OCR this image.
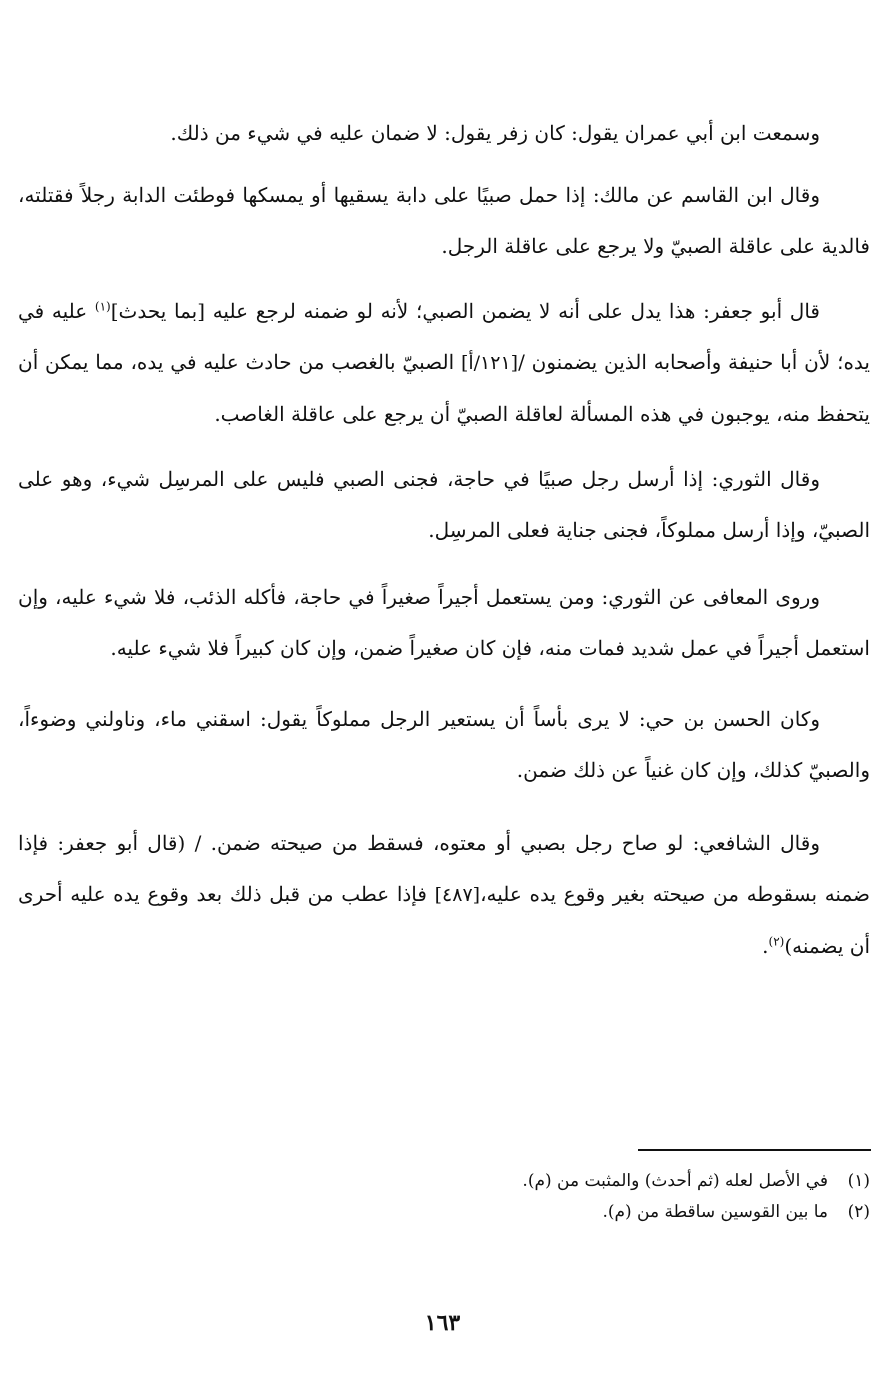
وسمعت ابن أبي عمران يقول: كان زفر يقول: لا ضمان عليه في شيء من ذلك.

وقال ابن القاسم عن مالك: إذا حمل صبيًا على دابة يسقيها أو يمسكها فوطئت الدابة رجلاً فقتلته، فالدية على عاقلة الصبيّ ولا يرجع على عاقلة الرجل.

قال أبو جعفر: هذا يدل على أنه لا يضمن الصبي؛ لأنه لو ضمنه لرجع عليه [بما يحدث]$^{(١)}$ عليه في يده؛ لأن أبا حنيفة وأصحابه الذين يضمنون /[١٢١/أ] الصبيّ بالغصب من حادث عليه في يده، مما يمكن أن يتحفظ منه، يوجبون في هذه المسألة لعاقلة الصبيّ أن يرجع على عاقلة الغاصب.

وقال الثوري: إذا أرسل رجل صبيًا في حاجة، فجنى الصبي فليس على المرسِل شيء، وهو على الصبيّ، وإذا أرسل مملوكاً، فجنى جناية فعلى المرسِل.

وروى المعافى عن الثوري: ومن يستعمل أجيراً صغيراً في حاجة، فأكله الذئب، فلا شيء عليه، وإن استعمل أجيراً في عمل شديد فمات منه، فإن كان صغيراً ضمن، وإن كان كبيراً فلا شيء عليه.

وكان الحسن بن حي: لا يرى بأساً أن يستعير الرجل مملوكاً يقول: اسقني ماء، وناولني وضوءاً، والصبيّ كذلك، وإن كان غنياً عن ذلك ضمن.

وقال الشافعي: لو صاح رجل بصبي أو معتوه، فسقط من صيحته ضمن. / (قال أبو جعفر: فإذا ضمنه بسقوطه من صيحته بغير وقوع يده عليه،[٤٨٧] فإذا عطب من قبل ذلك بعد وقوع يده عليه أحرى أن يضمنه)$^{(٢)}$.

(١)في الأصل لعله (ثم أحدث) والمثبت من (م).

(٢)ما بين القوسين ساقطة من (م).

١٦٣
